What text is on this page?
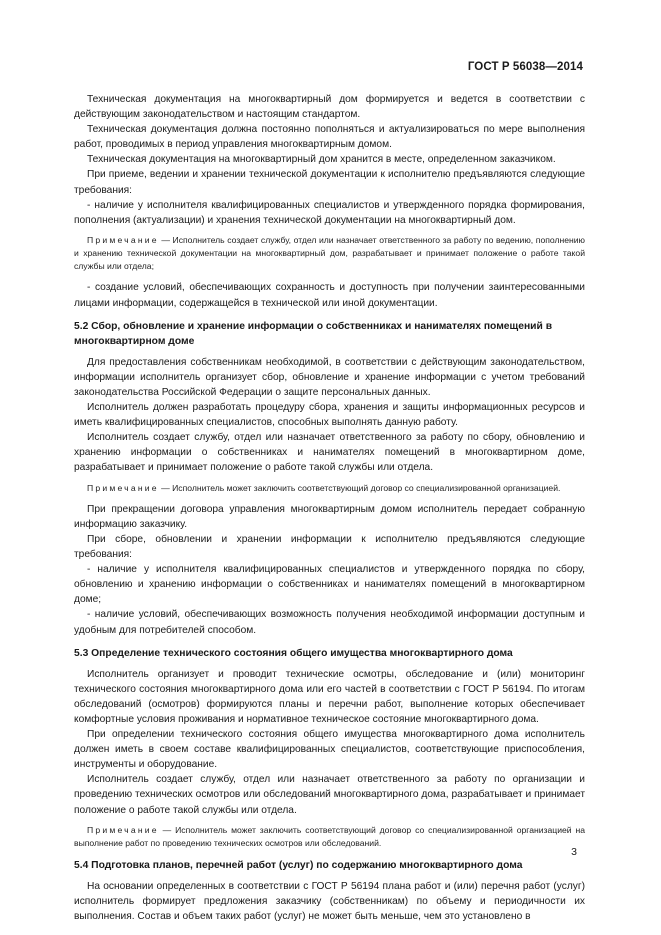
ГОСТ Р 56038—2014

Техническая документация на многоквартирный дом формируется и ведется в соответствии с действующим законодательством и настоящим стандартом.

Техническая документация должна постоянно пополняться и актуализироваться по мере выполнения работ, проводимых в период управления многоквартирным домом.

Техническая документация на многоквартирный дом хранится в месте, определенном заказчиком.

При приеме, ведении и хранении технической документации к исполнителю предъявляются следующие требования:

- наличие у исполнителя квалифицированных специалистов и утвержденного порядка формирования, пополнения (актуализации) и хранения технической документации на многоквартирный дом.

Примечание — Исполнитель создает службу, отдел или назначает ответственного за работу по ведению, пополнению и хранению технической документации на многоквартирный дом, разрабатывает и принимает положение о работе такой службы или отдела;

- создание условий, обеспечивающих сохранность и доступность при получении заинтересованными лицами информации, содержащейся в технической или иной документации.

5.2 Сбор, обновление и хранение информации о собственниках и нанимателях помещений в многоквартирном доме

Для предоставления собственникам необходимой, в соответствии с действующим законодательством, информации исполнитель организует сбор, обновление и хранение информации с учетом требований законодательства Российской Федерации о защите персональных данных.

Исполнитель должен разработать процедуру сбора, хранения и защиты информационных ресурсов и иметь квалифицированных специалистов, способных выполнять данную работу.

Исполнитель создает службу, отдел или назначает ответственного за работу по сбору, обновлению и хранению информации о собственниках и нанимателях помещений в многоквартирном доме, разрабатывает и принимает положение о работе такой службы или отдела.

Примечание — Исполнитель может заключить соответствующий договор со специализированной организацией.

При прекращении договора управления многоквартирным домом исполнитель передает собранную информацию заказчику.

При сборе, обновлении и хранении информации к исполнителю предъявляются следующие требования:

- наличие у исполнителя квалифицированных специалистов и утвержденного порядка по сбору, обновлению и хранению информации о собственниках и нанимателях помещений в многоквартирном доме;

- наличие условий, обеспечивающих возможность получения необходимой информации доступным и удобным для потребителей способом.

5.3 Определение технического состояния общего имущества многоквартирного дома

Исполнитель организует и проводит технические осмотры, обследование и (или) мониторинг технического состояния многоквартирного дома или его частей в соответствии с ГОСТ Р 56194. По итогам обследований (осмотров) формируются планы и перечни работ, выполнение которых обеспечивает комфортные условия проживания и нормативное техническое состояние многоквартирного дома.

При определении технического состояния общего имущества многоквартирного дома исполнитель должен иметь в своем составе квалифицированных специалистов, соответствующие приспособления, инструменты и оборудование.

Исполнитель создает службу, отдел или назначает ответственного за работу по организации и проведению технических осмотров или обследований многоквартирного дома, разрабатывает и принимает положение о работе такой службы или отдела.

Примечание — Исполнитель может заключить соответствующий договор со специализированной организацией на выполнение работ по проведению технических осмотров или обследований.
5.4 Подготовка планов, перечней работ (услуг) по содержанию многоквартирного дома

На основании определенных в соответствии с ГОСТ Р 56194 плана работ и (или) перечня работ (услуг) исполнитель формирует предложения заказчику (собственникам) по объему и периодичности их выполнения. Состав и объем таких работ (услуг) не может быть меньше, чем это установлено в

3
